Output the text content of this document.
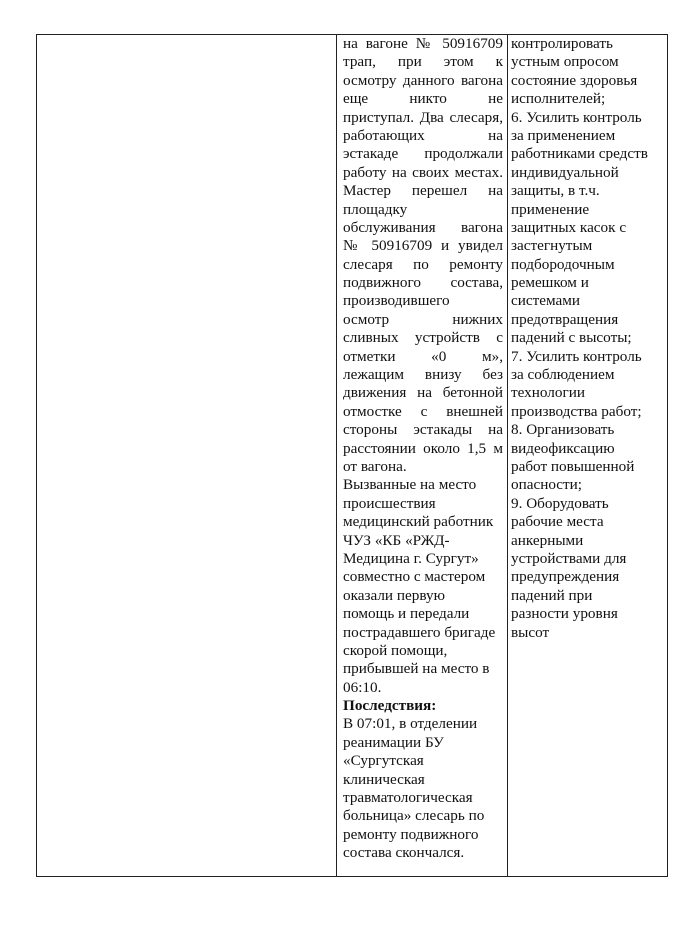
на вагоне № 50916709
трап, при этом к
осмотру данного вагона
еще никто не
приступал. Два слесаря,
работающих на
эстакаде продолжали
работу на своих местах.
Мастер перешел на
площадку
обслуживания вагона
№ 50916709 и увидел
слесаря по ремонту
подвижного состава,
производившего
осмотр нижних
сливных устройств с
отметки «0 м»,
лежащим внизу без
движения на бетонной
отмостке с внешней
стороны эстакады на
расстоянии около 1,5 м
от вагона.
Вызванные на место
происшествия
медицинский работник
ЧУЗ «КБ «РЖД-
Медицина г. Сургут»
совместно с мастером
оказали первую
помощь и передали
пострадавшего бригаде
скорой помощи,
прибывшей на место в
06:10.
Последствия:
В 07:01, в отделении
реанимации БУ
«Сургутская
клиническая
травматологическая
больница» слесарь по
ремонту подвижного
состава скончался.
контролировать
устным опросом
состояние здоровья
исполнителей;
6. Усилить контроль
за применением
работниками средств
индивидуальной
защиты, в т.ч.
применение
защитных касок с
застегнутым
подбородочным
ремешком и
системами
предотвращения
падений с высоты;
7. Усилить контроль
за соблюдением
технологии
производства работ;
8. Организовать
видеофиксацию
работ повышенной
опасности;
9. Оборудовать
рабочие места
анкерными
устройствами для
предупреждения
падений при
разности уровня
высот
